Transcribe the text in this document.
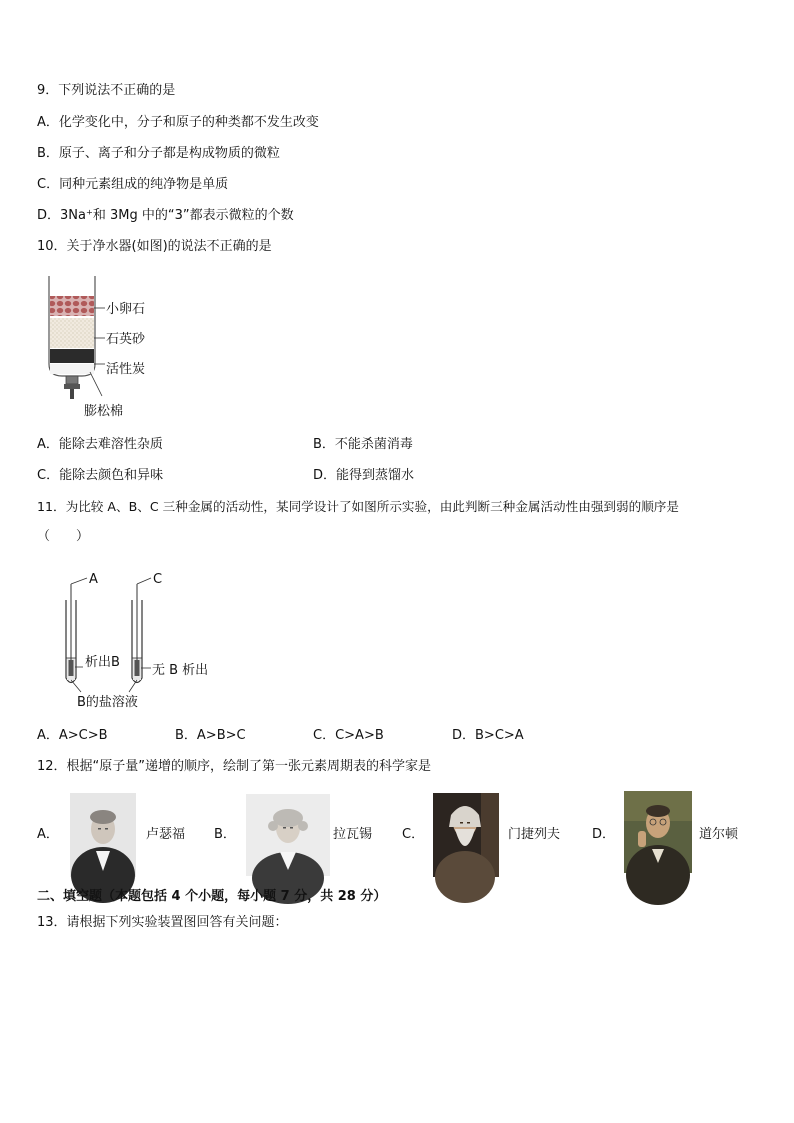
9．下列说法不正确的是
A．化学变化中，分子和原子的种类都不发生改变
B．原子、离子和分子都是构成物质的微粒
C．同种元素组成的纯净物是单质
D．3Na⁺和 3Mg 中的“3”都表示微粒的个数
10．关于净水器(如图)的说法不正确的是
小卵石
石英砂
活性炭
膨松棉
A．能除去难溶性杂质	B．不能杀菌消毒
C．能除去颜色和异味	D．能得到蒸馏水
11．为比较 A、B、C 三种金属的活动性，某同学设计了如图所示实验，由此判断三种金属活动性由强到弱的顺序是
（　　）
A
析出B
C
无 B 析出
B的盐溶液
A．A>C>B	B．A>B>C	C．C>A>B	D．B>C>A
12．根据“原子量”递增的顺序，绘制了第一张元素周期表的科学家是
A．	卢瑟福 B．	拉瓦锡 C．	门捷列夫 D．	道尔顿
二、填空题（本题包括 4 个小题，每小题 7 分，共 28 分）
13．请根据下列实验装置图回答有关问题：
